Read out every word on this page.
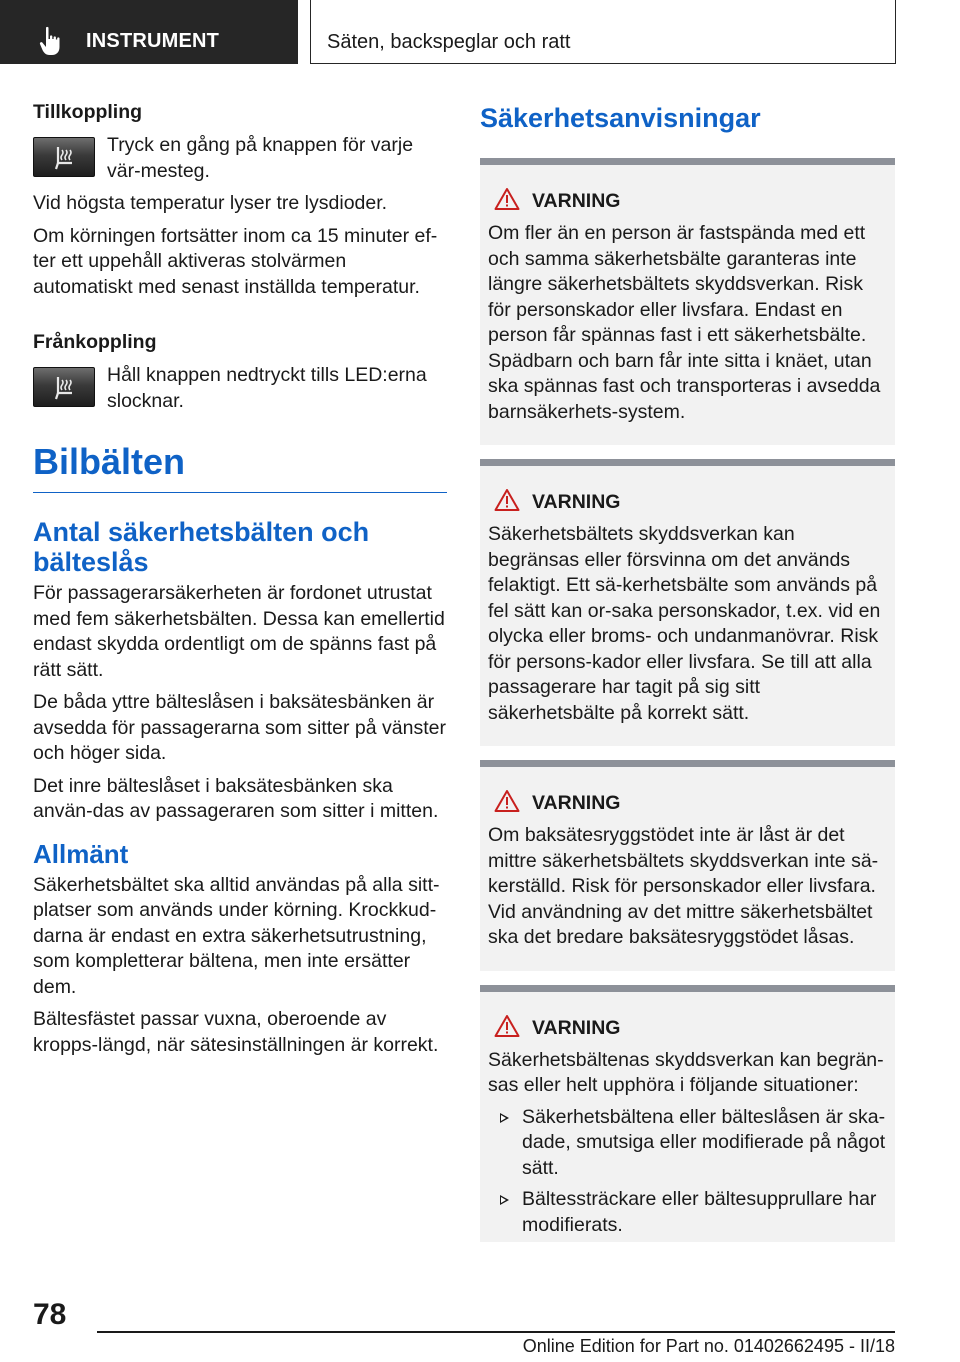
INSTRUMENT	Säten, backspeglar och ratt
Tillkoppling
Tryck en gång på knappen för varje vär‐mesteg.
Vid högsta temperatur lyser tre lysdioder.
Om körningen fortsätter inom ca 15 minuter ef‐ter ett uppehåll aktiveras stolvärmen automatiskt med senast inställda temperatur.
Frånkoppling
Håll knappen nedtryckt tills LED:erna slocknar.
Bilbälten
Antal säkerhetsbälten och bälteslås
För passagerarsäkerheten är fordonet utrustat med fem säkerhetsbälten. Dessa kan emellertid endast skydda ordentligt om de spänns fast på rätt sätt.
De båda yttre bälteslåsen i baksätesbänken är avsedda för passagerarna som sitter på vänster och höger sida.
Det inre bälteslåset i baksätesbänken ska använ‐das av passageraren som sitter i mitten.
Allmänt
Säkerhetsbältet ska alltid användas på alla sitt‐platser som används under körning. Krockkud‐darna är endast en extra säkerhetsutrustning, som kompletterar bältena, men inte ersätter dem.
Bältesfästet passar vuxna, oberoende av kropps‐längd, när sätesinställningen är korrekt.
Säkerhetsanvisningar
VARNING
Om fler än en person är fastspända med ett och samma säkerhetsbälte garanteras inte längre säkerhetsbältets skyddsverkan. Risk för personskador eller livsfara. Endast en person får spännas fast i ett säkerhetsbälte. Spädbarn och barn får inte sitta i knäet, utan ska spännas fast och transporteras i avsedda barnsäkerhets‐system.
VARNING
Säkerhetsbältets skyddsverkan kan begränsas eller försvinna om det används felaktigt. Ett sä‐kerhetsbälte som används på fel sätt kan or‐saka personskador, t.ex. vid en olycka eller broms- och undanmanövrar. Risk för persons‐kador eller livsfara. Se till att alla passagerare har tagit på sig sitt säkerhetsbälte på korrekt sätt.
VARNING
Om baksätesryggstödet inte är låst är det mittre säkerhetsbältets skyddsverkan inte sä‐kerställd. Risk för personskador eller livsfara. Vid användning av det mittre säkerhetsbältet ska det bredare baksätesryggstödet låsas.
VARNING
Säkerhetsbältenas skyddsverkan kan begrän‐sas eller helt upphöra i följande situationer:
Säkerhetsbältena eller bälteslåsen är ska‐dade, smutsiga eller modifierade på något sätt.
Bältessträckare eller bältesupprullare har modifierats.
78
Online Edition for Part no. 01402662495 - II/18
